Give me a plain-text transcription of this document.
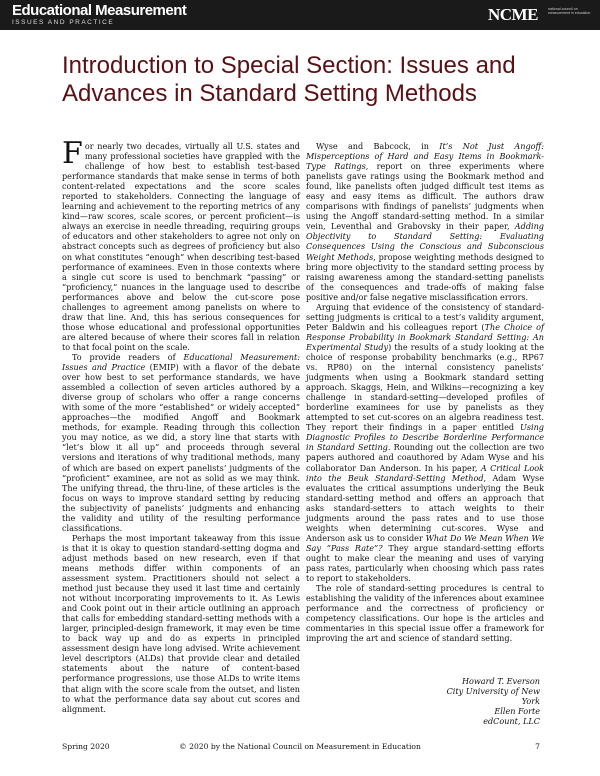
Educational Measurement
ISSUES AND PRACTICE	NCME	national council on measurement in education
Introduction to Special Section: Issues and Advances in Standard Setting Methods

For nearly two decades, virtually all U.S. states and many professional societies have grappled with the challenge of how best to establish test-based performance standards that make sense in terms of both content-related expectations and the score scales reported to stakeholders. Connecting the language of learning and achievement to the reporting metrics of any kind—raw scores, scale scores, or percent proficient—is always an exercise in needle threading, requiring groups of educators and other stakeholders to agree not only on abstract concepts such as degrees of proficiency but also on what constitutes “enough” when describing test-based performance of examinees. Even in those contexts where a single cut score is used to benchmark “passing” or “proficiency,” nuances in the language used to describe performances above and below the cut-score pose challenges to agreement among panelists on where to draw that line. And, this has serious consequences for those whose educational and professional opportunities are altered because of where their scores fall in relation to that focal point on the scale.

To provide readers of Educational Measurement: Issues and Practice (EMIP) with a flavor of the debate over how best to set performance standards, we have assembled a collection of seven articles authored by a diverse group of scholars who offer a range concerns with some of the more “established” or widely accepted” approaches—the modified Angoff and Bookmark methods, for example. Reading through this collection you may notice, as we did, a story line that starts with “let’s blow it all up” and proceeds through several versions and iterations of why traditional methods, many of which are based on expert panelists’ judgments of the “proficient” examinee, are not as solid as we may think. The unifying thread, the thru-line, of these articles is the focus on ways to improve standard setting by reducing the subjectivity of panelists’ judgments and enhancing the validity and utility of the resulting performance classifications.

Perhaps the most important takeaway from this issue is that it is okay to question standard-setting dogma and adjust methods based on new research, even if that means methods differ within components of an assessment system. Practitioners should not select a method just because they used it last time and certainly not without incorporating improvements to it. As Lewis and Cook point out in their article outlining an approach that calls for embedding standard-setting methods with a larger, principled-design framework, it may even be time to back way up and do as experts in principled assessment design have long advised. Write achievement level descriptors (ALDs) that provide clear and detailed statements about the nature of content-based performance progressions, use those ALDs to write items that align with the score scale from the outset, and listen to what the performance data say about cut scores and alignment.

Wyse and Babcock, in It’s Not Just Angoff: Misperceptions of Hard and Easy Items in Bookmark-Type Ratings, report on three experiments where panelists gave ratings using the Bookmark method and found, like panelists often judged difficult test items as easy and easy items as difficult. The authors draw comparisons with findings of panelists’ judgments when using the Angoff standard-setting method. In a similar vein, Leventhal and Grabovsky in their paper, Adding Objectivity to Standard Setting: Evaluating Consequences Using the Conscious and Subconscious Weight Methods, propose weighting methods designed to bring more objectivity to the standard setting process by raising awareness among the standard-setting panelists of the consequences and trade-offs of making false positive and/or false negative misclassification errors.

Arguing that evidence of the consistency of standard-setting judgments is critical to a test’s validity argument, Peter Baldwin and his colleagues report (The Choice of Response Probability in Bookmark Standard Setting: An Experimental Study) the results of a study looking at the choice of response probability benchmarks (e.g., RP67 vs. RP80) on the internal consistency panelists’ judgments when using a Bookmark standard setting approach. Skaggs, Hein, and Wilkins—recognizing a key challenge in standard-setting—developed profiles of borderline examinees for use by panelists as they attempted to set cut-scores on an algebra readiness test. They report their findings in a paper entitled Using Diagnostic Profiles to Describe Borderline Performance in Standard Setting. Rounding out the collection are two papers authored and coauthored by Adam Wyse and his collaborator Dan Anderson. In his paper, A Critical Look into the Beuk Standard-Setting Method, Adam Wyse evaluates the critical assumptions underlying the Beuk standard-setting method and offers an approach that asks standard-setters to attach weights to their judgments around the pass rates and to use those weights when determining cut-scores. Wyse and Anderson ask us to consider What Do We Mean When We Say “Pass Rate”? They argue standard-setting efforts ought to make clear the meaning and uses of varying pass rates, particularly when choosing which pass rates to report to stakeholders.

The role of standard-setting procedures is central to establishing the validity of the inferences about examinee performance and the correctness of proficiency or competency classifications. Our hope is the articles and commentaries in this special issue offer a framework for improving the art and science of standard setting.

Howard T. Everson
City University of New York
Ellen Forte
edCount, LLC
Spring 2020	© 2020 by the National Council on Measurement in Education	7
